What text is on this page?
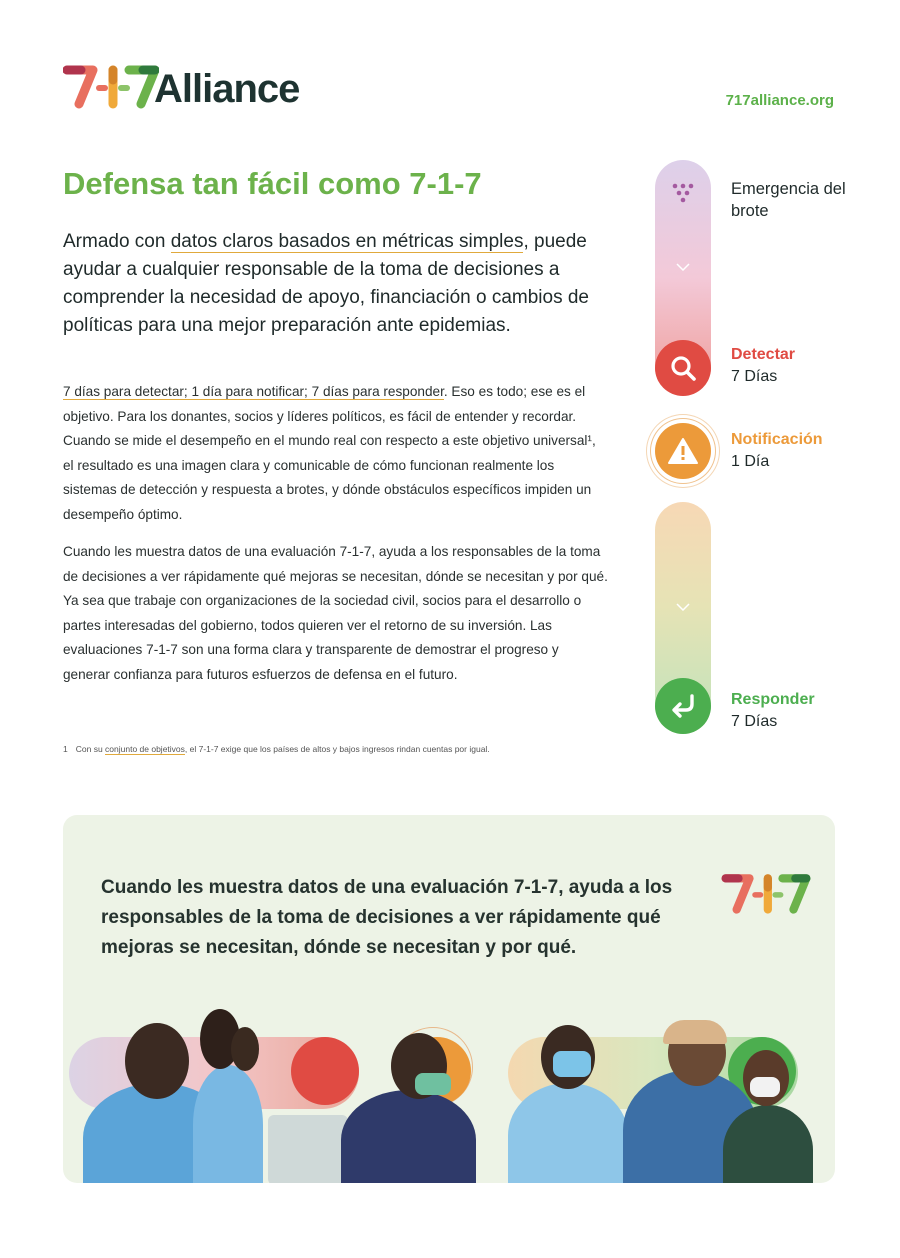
Alliance	717alliance.org
Defensa tan fácil como 7-1-7

Armado con datos claros basados en métricas simples, puede ayudar a cualquier responsable de la toma de decisiones a comprender la necesidad de apoyo, financiación o cambios de políticas para una mejor preparación ante epidemias.

7 días para detectar; 1 día para notificar; 7 días para responder. Eso es todo; ese es el objetivo. Para los donantes, socios y líderes políticos, es fácil de entender y recordar. Cuando se mide el desempeño en el mundo real con respecto a este objetivo universal¹, el resultado es una imagen clara y comunicable de cómo funcionan realmente los sistemas de detección y respuesta a brotes, y dónde obstáculos específicos impiden un desempeño óptimo.

Cuando les muestra datos de una evaluación 7-1-7, ayuda a los responsables de la toma de decisiones a ver rápidamente qué mejoras se necesitan, dónde se necesitan y por qué. Ya sea que trabaje con organizaciones de la sociedad civil, socios para el desarrollo o partes interesadas del gobierno, todos quieren ver el retorno de su inversión. Las evaluaciones 7-1-7 son una forma clara y transparente de demostrar el progreso y generar confianza para futuros esfuerzos de defensa en el futuro.

1 Con su conjunto de objetivos, el 7-1-7 exige que los países de altos y bajos ingresos rindan cuentas por igual.
Emergencia del brote
Detectar
7 Días
Notificación
1 Día
Responder
7 Días

Cuando les muestra datos de una evaluación 7-1-7, ayuda a los responsables de la toma de decisiones a ver rápidamente qué mejoras se necesitan, dónde se necesitan y por qué.
